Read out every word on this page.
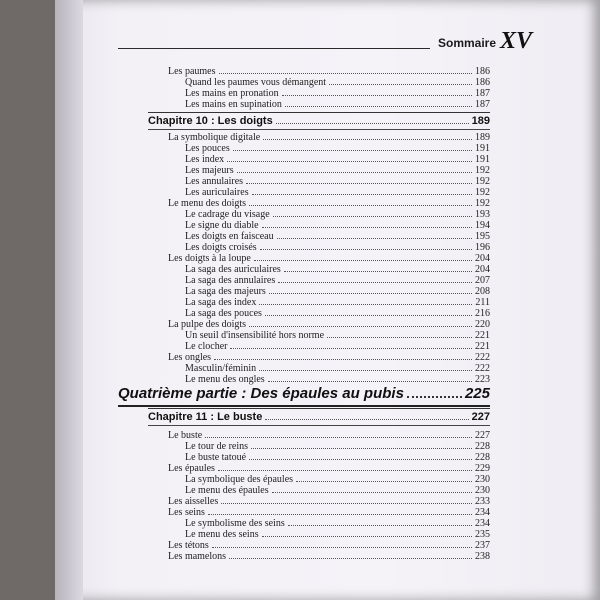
Sommaire XV
Les paumes	186
Quand les paumes vous démangent	186
Les mains en pronation	187
Les mains en supination	187
Chapitre 10 : Les doigts	189
La symbolique digitale	189
Les pouces	191
Les index	191
Les majeurs	192
Les annulaires	192
Les auriculaires	192
Le menu des doigts	192
Le cadrage du visage	193
Le signe du diable	194
Les doigts en faisceau	195
Les doigts croisés	196
Les doigts à la loupe	204
La saga des auriculaires	204
La saga des annulaires	207
La saga des majeurs	208
La saga des index	211
La saga des pouces	216
La pulpe des doigts	220
Un seuil d'insensibilité hors norme	221
Le clocher	221
Les ongles	222
Masculin/féminin	222
Le menu des ongles	223
Quatrième partie : Des épaules au pubis	225
Chapitre 11 : Le buste	227
Le buste	227
Le tour de reins	228
Le buste tatoué	228
Les épaules	229
La symbolique des épaules	230
Le menu des épaules	230
Les aisselles	233
Les seins	234
Le symbolisme des seins	234
Le menu des seins	235
Les tétons	237
Les mamelons	238
